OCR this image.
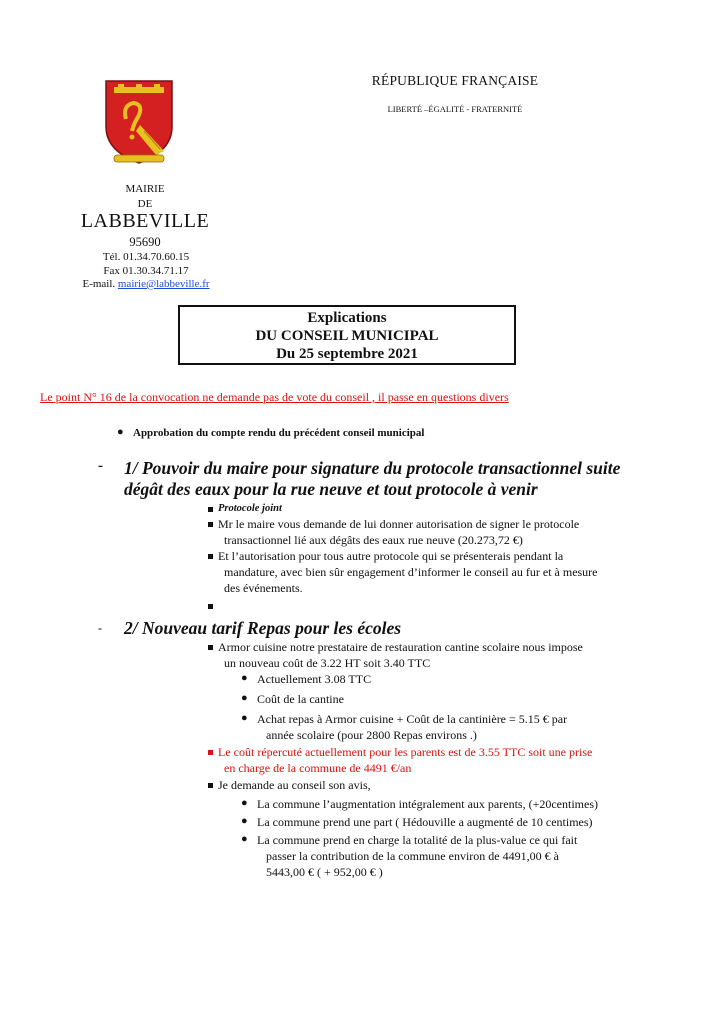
RÉPUBLIQUE FRANÇAISE
LIBERTÉ –ÉGALITÉ - FRATERNITÉ
MAIRIE
DE
LABBEVILLE
95690
Tél. 01.34.70.60.15
Fax 01.30.34.71.17
E-mail. mairie@labbeville.fr
Explications
DU CONSEIL MUNICIPAL
Du 25 septembre 2021
Le point N° 16 de la convocation ne demande pas de vote du conseil , il passe en questions divers
● Approbation du compte rendu du précédent conseil municipal
- 1/ Pouvoir du maire pour signature du protocole transactionnel suite
dégât des eaux pour la rue neuve et tout protocole à venir
Protocole joint
Mr le maire vous demande de lui donner autorisation de signer le protocole
transactionnel lié aux dégâts des eaux rue neuve (20.273,72 €)
Et l’autorisation pour tous autre protocole qui se présenterais pendant la
mandature, avec bien sûr engagement d’informer le conseil au fur et à mesure
des événements.
- 2/ Nouveau tarif Repas pour les écoles
Armor cuisine notre prestataire de restauration cantine scolaire nous impose
un nouveau coût de 3.22 HT soit 3.40 TTC
● Actuellement 3.08 TTC
● Coût de la cantine
● Achat repas à Armor cuisine + Coût de la cantinière = 5.15 € par
année scolaire (pour 2800 Repas environs .)
Le coût répercuté actuellement pour les parents est de 3.55 TTC soit une prise
en charge de la commune de 4491 €/an
Je demande au conseil son avis,
● La commune l’augmentation intégralement aux parents, (+20centimes)
● La commune prend une part ( Hédouville a augmenté de 10 centimes)
● La commune prend en charge la totalité de la plus-value ce qui fait
passer la contribution de la commune environ de 4491,00 € à
5443,00 € ( + 952,00 € )
